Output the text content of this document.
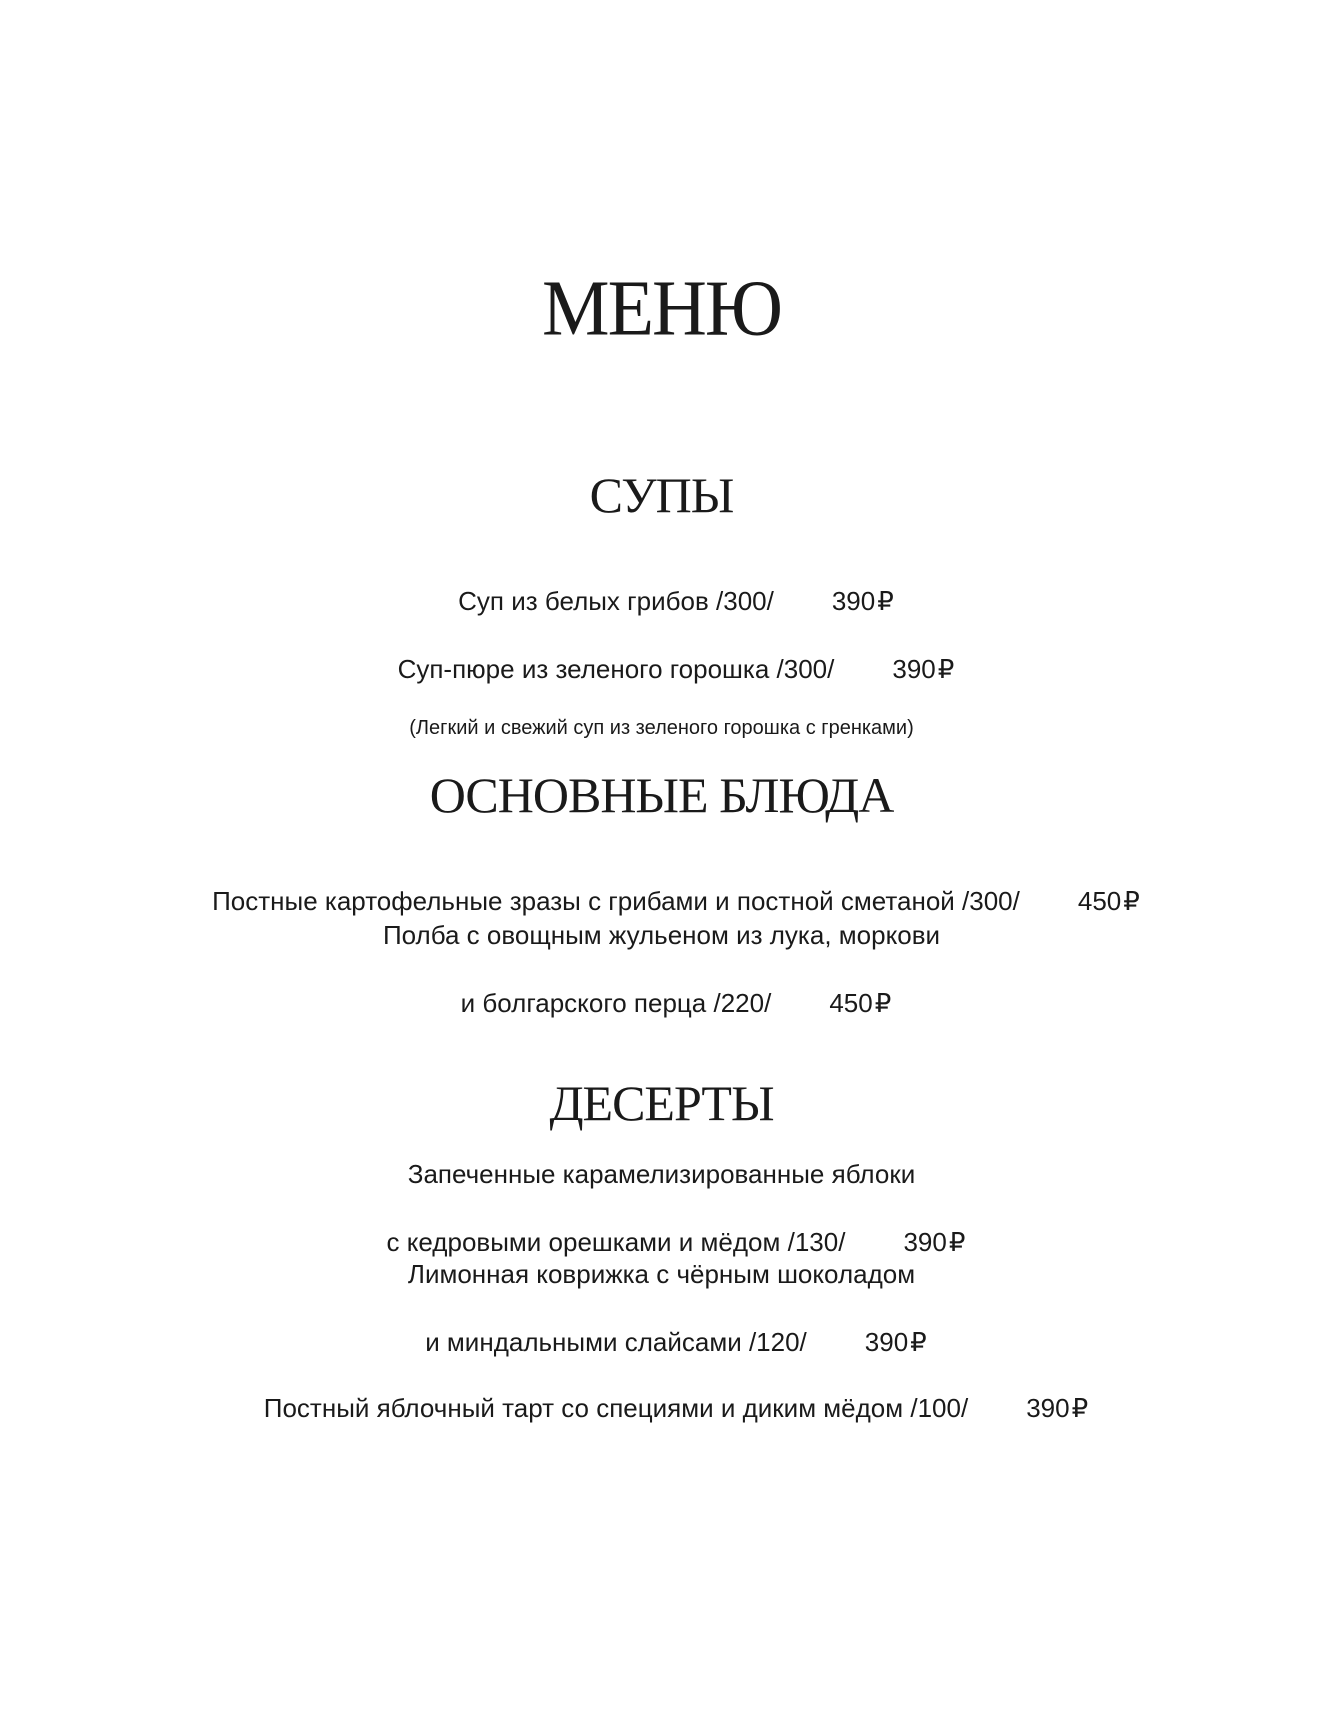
МЕНЮ
СУПЫ

Суп из белых грибов /300/ 390₽

Суп-пюре из зеленого горошка /300/ 390₽

(Легкий и свежий суп из зеленого горошка с гренками)
ОСНОВНЫЕ БЛЮДА

Постные картофельные зразы с грибами и постной сметаной /300/ 450₽

Полба с овощным жульеном из лука, моркови

и болгарского перца /220/ 450₽

ДЕСЕРТЫ
Запеченные карамелизированные яблоки

с кедровыми орешками и мёдом /130/ 390₽

Лимонная коврижка с чёрным шоколадом

и миндальными слайсами /120/ 390₽

Постный яблочный тарт со специями и диким мёдом /100/ 390₽
